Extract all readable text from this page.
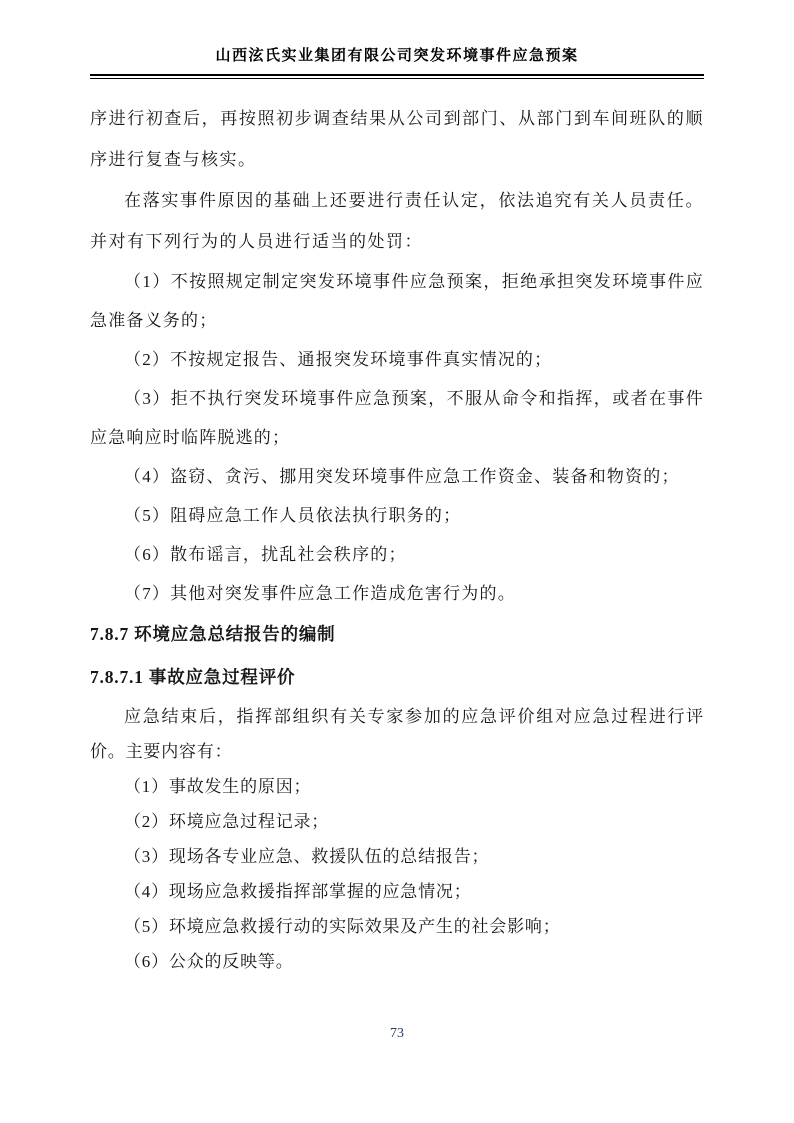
山西泫氏实业集团有限公司突发环境事件应急预案

序进行初查后，再按照初步调查结果从公司到部门、从部门到车间班队的顺序进行复查与核实。

在落实事件原因的基础上还要进行责任认定，依法追究有关人员责任。并对有下列行为的人员进行适当的处罚：

（1）不按照规定制定突发环境事件应急预案，拒绝承担突发环境事件应急准备义务的；

（2）不按规定报告、通报突发环境事件真实情况的；

（3）拒不执行突发环境事件应急预案，不服从命令和指挥，或者在事件应急响应时临阵脱逃的；

（4）盗窃、贪污、挪用突发环境事件应急工作资金、装备和物资的；

（5）阻碍应急工作人员依法执行职务的；

（6）散布谣言，扰乱社会秩序的；

（7）其他对突发事件应急工作造成危害行为的。

7.8.7 环境应急总结报告的编制

7.8.7.1 事故应急过程评价

应急结束后，指挥部组织有关专家参加的应急评价组对应急过程进行评价。主要内容有：

（1）事故发生的原因；

（2）环境应急过程记录；

（3）现场各专业应急、救援队伍的总结报告；

（4）现场应急救援指挥部掌握的应急情况；

（5）环境应急救援行动的实际效果及产生的社会影响；

（6）公众的反映等。

73
